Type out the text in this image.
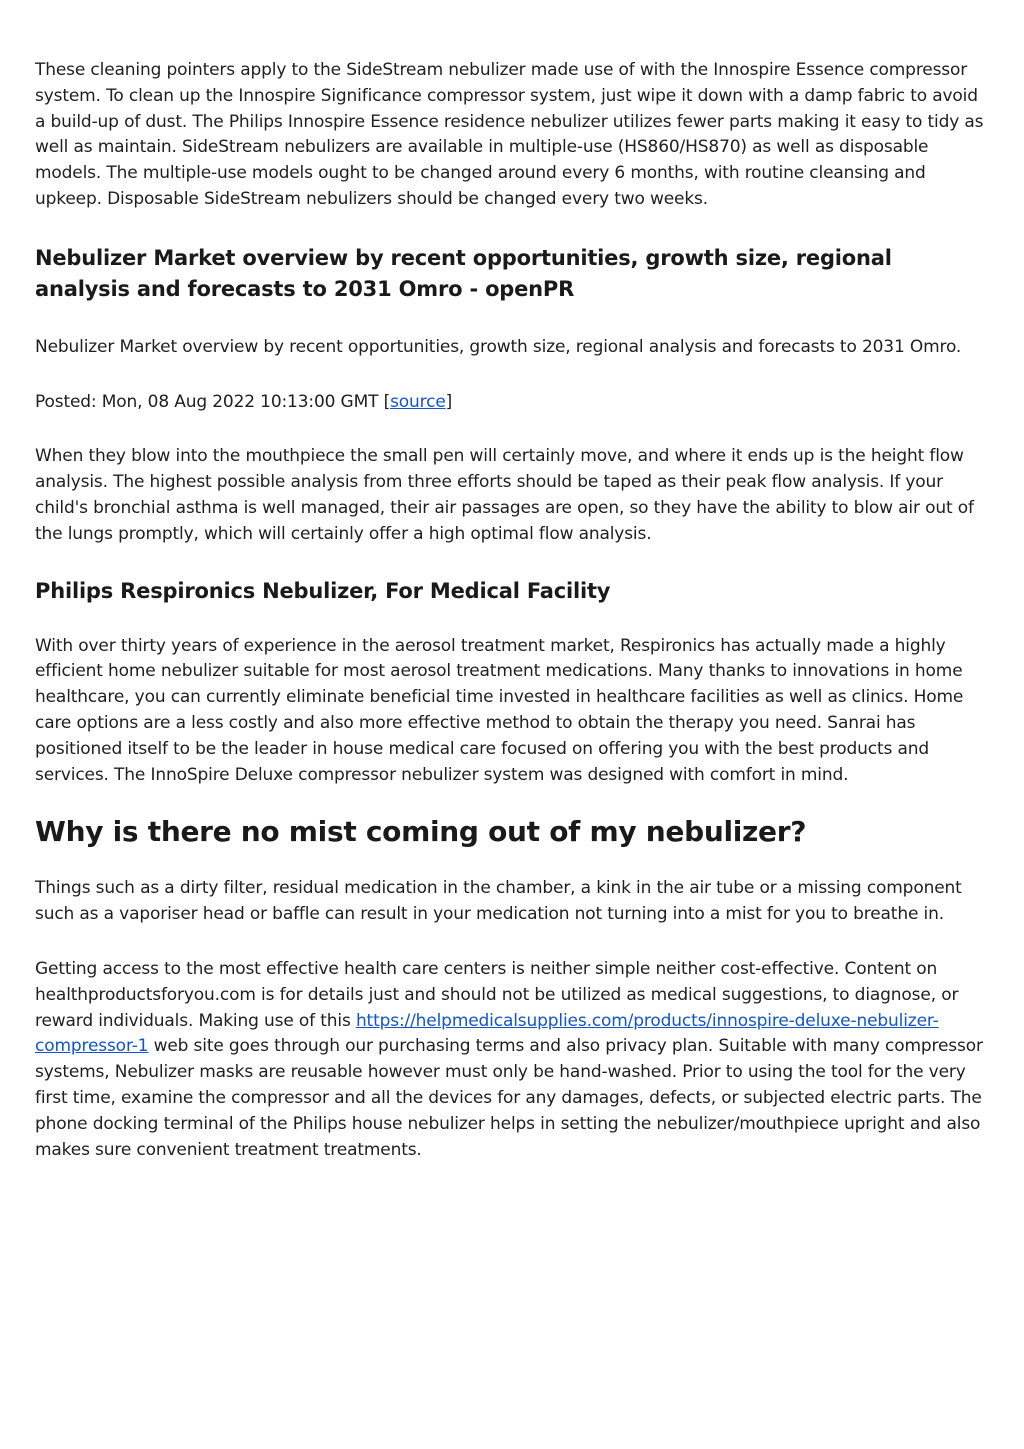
These cleaning pointers apply to the SideStream nebulizer made use of with the Innospire Essence compressor system. To clean up the Innospire Significance compressor system, just wipe it down with a damp fabric to avoid a build-up of dust. The Philips Innospire Essence residence nebulizer utilizes fewer parts making it easy to tidy as well as maintain. SideStream nebulizers are available in multiple-use (HS860/HS870) as well as disposable models. The multiple-use models ought to be changed around every 6 months, with routine cleansing and upkeep. Disposable SideStream nebulizers should be changed every two weeks.

Nebulizer Market overview by recent opportunities, growth size, regional analysis and forecasts to 2031 Omro - openPR

Nebulizer Market overview by recent opportunities, growth size, regional analysis and forecasts to 2031 Omro.

Posted: Mon, 08 Aug 2022 10:13:00 GMT [source]

When they blow into the mouthpiece the small pen will certainly move, and where it ends up is the height flow analysis. The highest possible analysis from three efforts should be taped as their peak flow analysis. If your child's bronchial asthma is well managed, their air passages are open, so they have the ability to blow air out of the lungs promptly, which will certainly offer a high optimal flow analysis.

Philips Respironics Nebulizer, For Medical Facility

With over thirty years of experience in the aerosol treatment market, Respironics has actually made a highly efficient home nebulizer suitable for most aerosol treatment medications. Many thanks to innovations in home healthcare, you can currently eliminate beneficial time invested in healthcare facilities as well as clinics. Home care options are a less costly and also more effective method to obtain the therapy you need. Sanrai has positioned itself to be the leader in house medical care focused on offering you with the best products and services. The InnoSpire Deluxe compressor nebulizer system was designed with comfort in mind.

Why is there no mist coming out of my nebulizer?

Things such as a dirty filter, residual medication in the chamber, a kink in the air tube or a missing component such as a vaporiser head or baffle can result in your medication not turning into a mist for you to breathe in.

Getting access to the most effective health care centers is neither simple neither cost-effective. Content on healthproductsforyou.com is for details just and should not be utilized as medical suggestions, to diagnose, or reward individuals. Making use of this https://helpmedicalsupplies.com/products/innospire-deluxe-nebulizer-compressor-1 web site goes through our purchasing terms and also privacy plan. Suitable with many compressor systems, Nebulizer masks are reusable however must only be hand-washed. Prior to using the tool for the very first time, examine the compressor and all the devices for any damages, defects, or subjected electric parts. The phone docking terminal of the Philips house nebulizer helps in setting the nebulizer/mouthpiece upright and also makes sure convenient treatment treatments.
